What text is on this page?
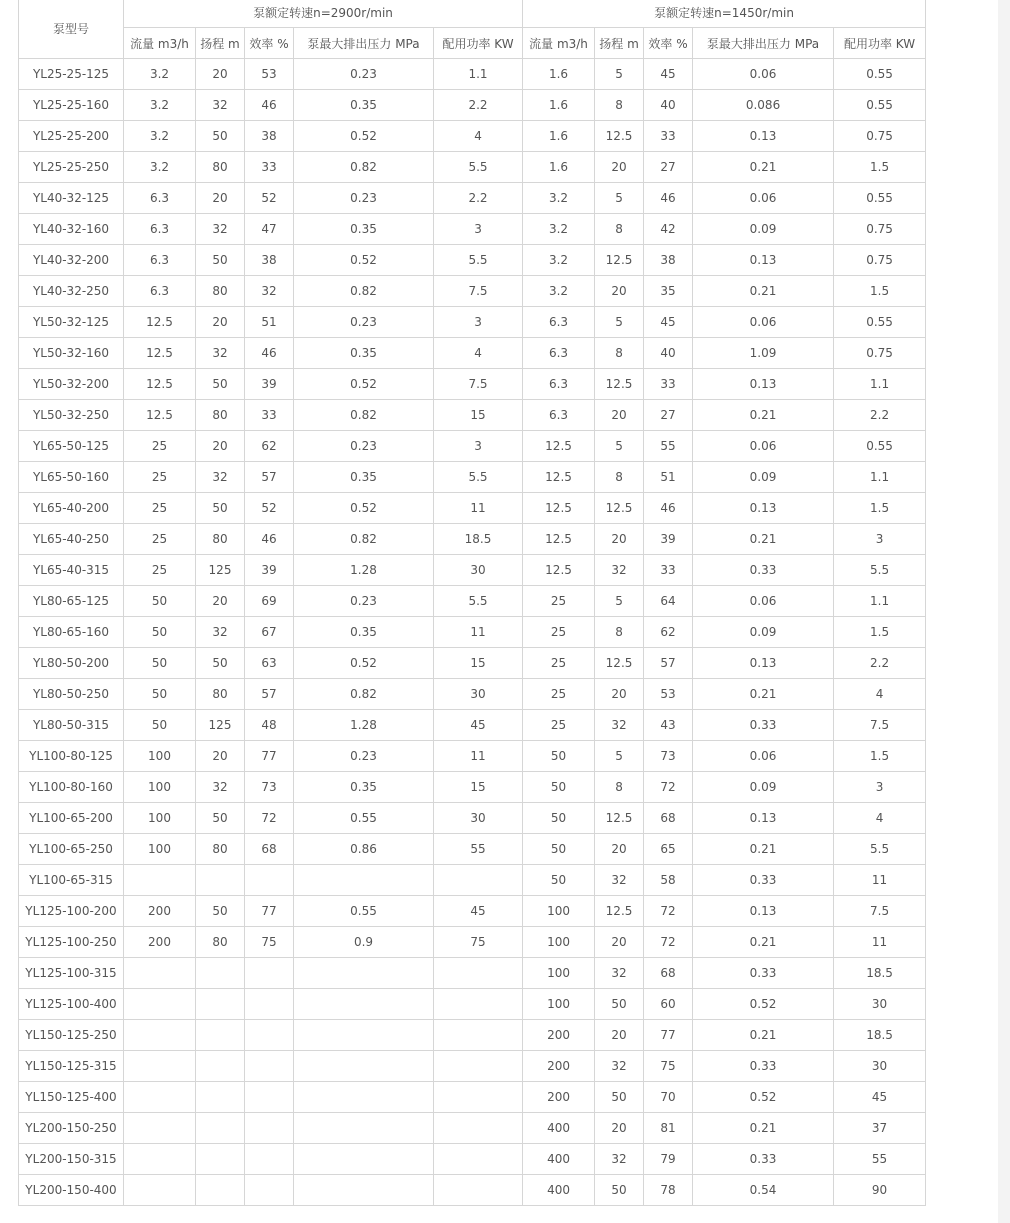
泵型号	泵额定转速n=2900r/min					泵额定转速n=1450r/min				
	流量 m3/h	扬程 m	效率 %	泵最大排出压力 MPa	配用功率 KW	流量 m3/h	扬程 m	效率 %	泵最大排出压力 MPa	配用功率 KW
YL25-25-125	3.2	20	53	0.23	1.1	1.6	5	45	0.06	0.55
YL25-25-160	3.2	32	46	0.35	2.2	1.6	8	40	0.086	0.55
YL25-25-200	3.2	50	38	0.52	4	1.6	12.5	33	0.13	0.75
YL25-25-250	3.2	80	33	0.82	5.5	1.6	20	27	0.21	1.5
YL40-32-125	6.3	20	52	0.23	2.2	3.2	5	46	0.06	0.55
YL40-32-160	6.3	32	47	0.35	3	3.2	8	42	0.09	0.75
YL40-32-200	6.3	50	38	0.52	5.5	3.2	12.5	38	0.13	0.75
YL40-32-250	6.3	80	32	0.82	7.5	3.2	20	35	0.21	1.5
YL50-32-125	12.5	20	51	0.23	3	6.3	5	45	0.06	0.55
YL50-32-160	12.5	32	46	0.35	4	6.3	8	40	1.09	0.75
YL50-32-200	12.5	50	39	0.52	7.5	6.3	12.5	33	0.13	1.1
YL50-32-250	12.5	80	33	0.82	15	6.3	20	27	0.21	2.2
YL65-50-125	25	20	62	0.23	3	12.5	5	55	0.06	0.55
YL65-50-160	25	32	57	0.35	5.5	12.5	8	51	0.09	1.1
YL65-40-200	25	50	52	0.52	11	12.5	12.5	46	0.13	1.5
YL65-40-250	25	80	46	0.82	18.5	12.5	20	39	0.21	3
YL65-40-315	25	125	39	1.28	30	12.5	32	33	0.33	5.5
YL80-65-125	50	20	69	0.23	5.5	25	5	64	0.06	1.1
YL80-65-160	50	32	67	0.35	11	25	8	62	0.09	1.5
YL80-50-200	50	50	63	0.52	15	25	12.5	57	0.13	2.2
YL80-50-250	50	80	57	0.82	30	25	20	53	0.21	4
YL80-50-315	50	125	48	1.28	45	25	32	43	0.33	7.5
YL100-80-125	100	20	77	0.23	11	50	5	73	0.06	1.5
YL100-80-160	100	32	73	0.35	15	50	8	72	0.09	3
YL100-65-200	100	50	72	0.55	30	50	12.5	68	0.13	4
YL100-65-250	100	80	68	0.86	55	50	20	65	0.21	5.5
YL100-65-315						50	32	58	0.33	11
YL125-100-200	200	50	77	0.55	45	100	12.5	72	0.13	7.5
YL125-100-250	200	80	75	0.9	75	100	20	72	0.21	11
YL125-100-315						100	32	68	0.33	18.5
YL125-100-400						100	50	60	0.52	30
YL150-125-250						200	20	77	0.21	18.5
YL150-125-315						200	32	75	0.33	30
YL150-125-400						200	50	70	0.52	45
YL200-150-250						400	20	81	0.21	37
YL200-150-315						400	32	79	0.33	55
YL200-150-400						400	50	78	0.54	90
